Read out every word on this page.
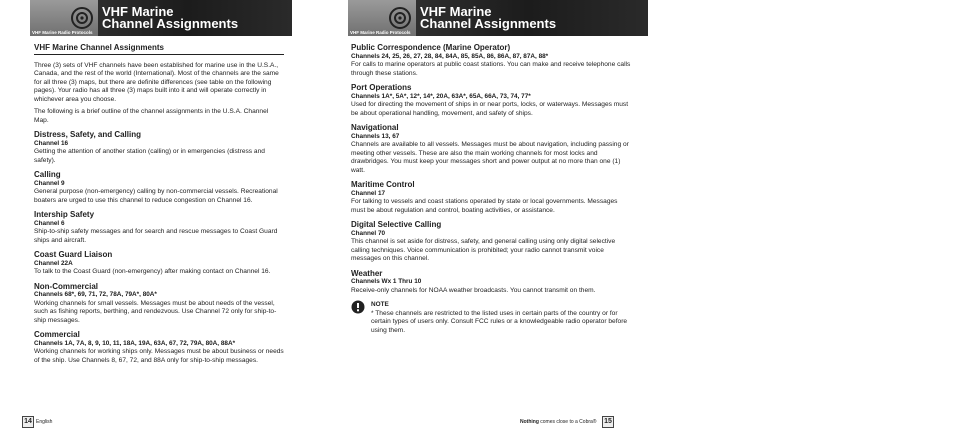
VHF Marine Radio Protocols
VHF Marine
Channel Assignments
VHF Marine Radio Protocols
VHF Marine
Channel Assignments
VHF Marine Channel Assignments

Three (3) sets of VHF channels have been established for marine use in the U.S.A., Canada, and the rest of the world (International). Most of the channels are the same for all three (3) maps, but there are definite differences (see table on the following pages). Your radio has all three (3) maps built into it and will operate correctly in whichever area you choose.

The following is a brief outline of the channel assignments in the U.S.A. Channel Map.

Distress, Safety, and Calling
Channel 16

Getting the attention of another station (calling) or in emergencies (distress and safety).

Calling
Channel 9

General purpose (non-emergency) calling by non-commercial vessels. Recreational boaters are urged to use this channel to reduce congestion on Channel 16.

Intership Safety
Channel 6

Ship-to-ship safety messages and for search and rescue messages to Coast Guard ships and aircraft.

Coast Guard Liaison
Channel 22A

To talk to the Coast Guard (non-emergency) after making contact on Channel 16.

Non-Commercial
Channels 68*, 69, 71, 72, 78A, 79A*, 80A*

Working channels for small vessels. Messages must be about needs of the vessel, such as fishing reports, berthing, and rendezvous. Use Channel 72 only for ship-to-ship messages.

Commercial
Channels 1A, 7A, 8, 9, 10, 11, 18A, 19A, 63A, 67, 72, 79A, 80A, 88A*

Working channels for working ships only. Messages must be about business or needs of the ship. Use Channels 8, 67, 72, and 88A only for ship-to-ship messages.

Public Correspondence (Marine Operator)
Channels 24, 25, 26, 27, 28, 84, 84A, 85, 85A, 86, 86A, 87, 87A, 88*

For calls to marine operators at public coast stations. You can make and receive telephone calls through these stations.

Port Operations
Channels 1A*, 5A*, 12*, 14*, 20A, 63A*, 65A, 66A, 73, 74, 77*

Used for directing the movement of ships in or near ports, locks, or waterways. Messages must be about operational handling, movement, and safety of ships.

Navigational
Channels 13, 67

Channels are available to all vessels. Messages must be about navigation, including passing or meeting other vessels. These are also the main working channels for most locks and drawbridges. You must keep your messages short and power output at no more than one (1) watt.

Maritime Control
Channel 17

For talking to vessels and coast stations operated by state or local governments. Messages must be about regulation and control, boating activities, or assistance.

Digital Selective Calling
Channel 70

This channel is set aside for distress, safety, and general calling using only digital selective calling techniques. Voice communication is prohibited; your radio cannot transmit voice messages on this channel.

Weather
Channels Wx 1 Thru 10

Receive-only channels for NOAA weather broadcasts. You cannot transmit on them.

NOTE

* These channels are restricted to the listed uses in certain parts of the country or for certain types of users only. Consult FCC rules or a knowledgeable radio operator before using them.

14 English	Nothing comes close to a Cobra® 15
